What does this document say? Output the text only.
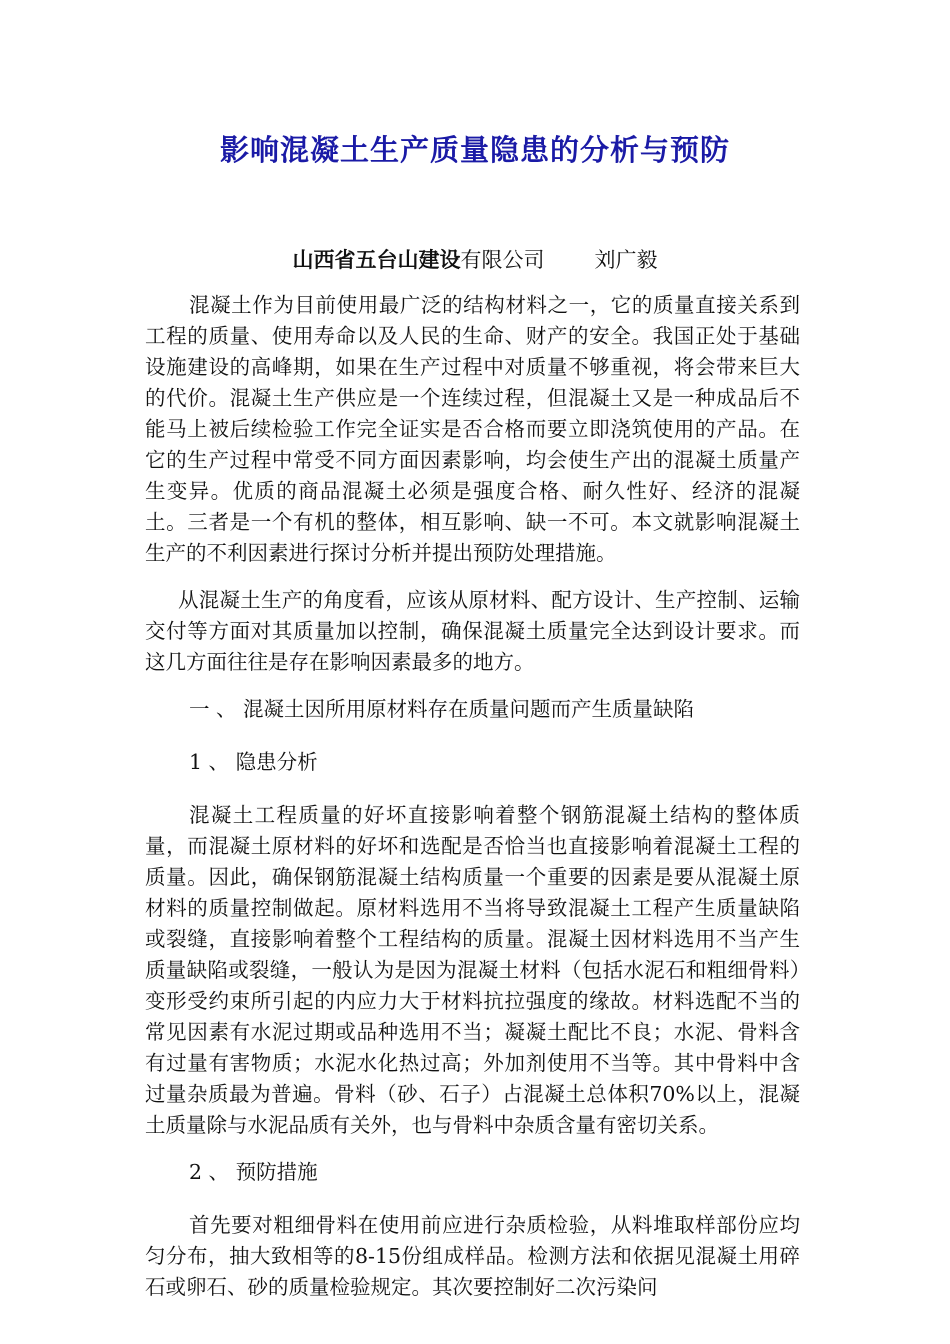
影响混凝土生产质量隐患的分析与预防
山西省五台山建设有限公司 刘广毅

混凝土作为目前使用最广泛的结构材料之一，它的质量直接关系到工程的质量、使用寿命以及人民的生命、财产的安全。我国正处于基础设施建设的高峰期，如果在生产过程中对质量不够重视，将会带来巨大的代价。混凝土生产供应是一个连续过程，但混凝土又是一种成品后不能马上被后续检验工作完全证实是否合格而要立即浇筑使用的产品。在它的生产过程中常受不同方面因素影响，均会使生产出的混凝土质量产生变异。优质的商品混凝土必须是强度合格、耐久性好、经济的混凝土。三者是一个有机的整体，相互影响、缺一不可。本文就影响混凝土生产的不利因素进行探讨分析并提出预防处理措施。

从混凝土生产的角度看，应该从原材料、配方设计、生产控制、运输交付等方面对其质量加以控制，确保混凝土质量完全达到设计要求。而这几方面往往是存在影响因素最多的地方。

一 、 混凝土因所用原材料存在质量问题而产生质量缺陷

1 、 隐患分析

混凝土工程质量的好坏直接影响着整个钢筋混凝土结构的整体质量，而混凝土原材料的好坏和选配是否恰当也直接影响着混凝土工程的质量。因此，确保钢筋混凝土结构质量一个重要的因素是要从混凝土原材料的质量控制做起。原材料选用不当将导致混凝土工程产生质量缺陷或裂缝，直接影响着整个工程结构的质量。混凝土因材料选用不当产生质量缺陷或裂缝，一般认为是因为混凝土材料（包括水泥石和粗细骨料）变形受约束所引起的内应力大于材料抗拉强度的缘故。材料选配不当的常见因素有水泥过期或品种选用不当；凝凝土配比不良；水泥、骨料含有过量有害物质；水泥水化热过高；外加剂使用不当等。其中骨料中含过量杂质最为普遍。骨料（砂、石子）占混凝土总体积70%以上，混凝土质量除与水泥品质有关外，也与骨料中杂质含量有密切关系。

2 、 预防措施

首先要对粗细骨料在使用前应进行杂质检验，从料堆取样部份应均匀分布，抽大致相等的8-15份组成样品。检测方法和依据见混凝土用碎石或卵石、砂的质量检验规定。其次要控制好二次污染问
